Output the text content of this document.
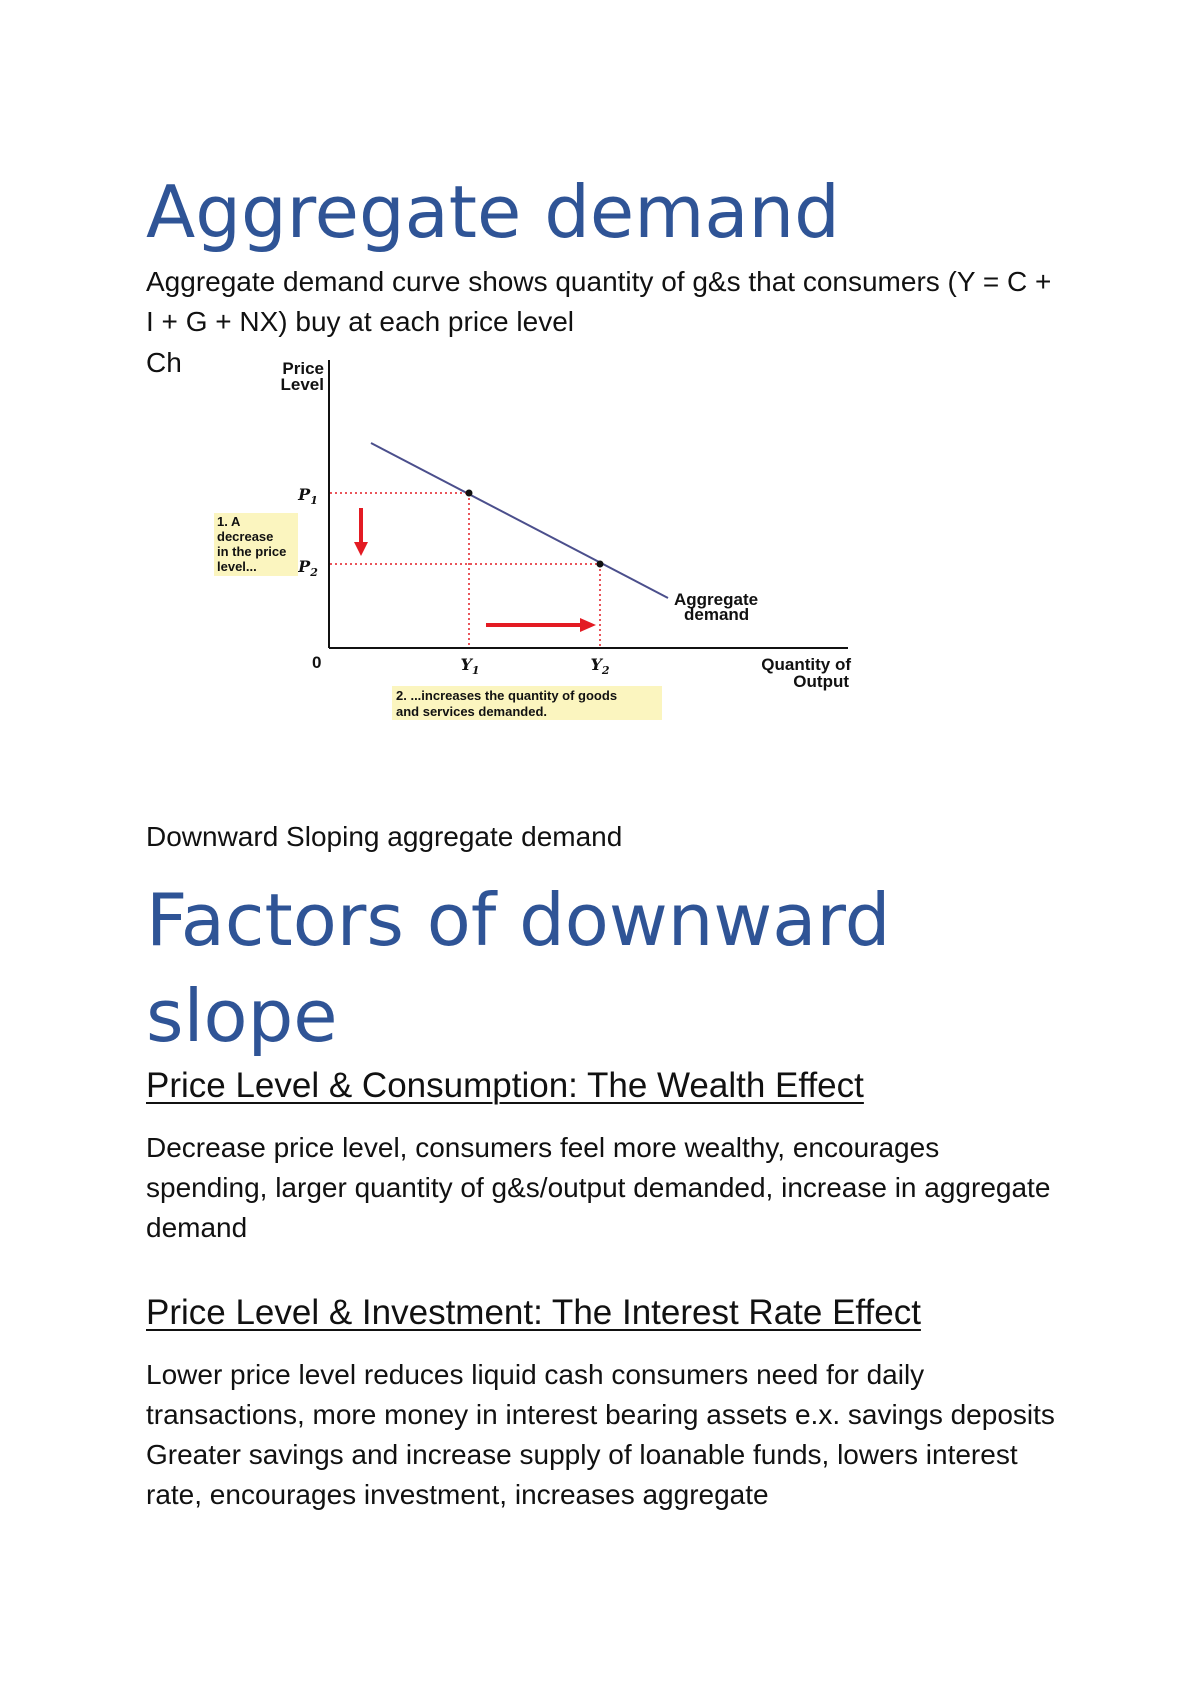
Aggregate demand

Aggregate demand curve shows quantity of g&s that consumers (Y = C + I + G + NX) buy at each price level

Ch	Price
Level
Quantity of
Output
0
$P_1$
$P_2$
$Y_1$	$Y_2$
1. A
decrease
in the price
level...
2. ...increases the quantity of goods
and services demanded.
Aggregate
demand

Downward Sloping aggregate demand

Factors of downward slope
Price Level & Consumption: The Wealth Effect

Decrease price level, consumers feel more wealthy, encourages spending, larger quantity of g&s/output demanded, increase in aggregate demand

Price Level & Investment: The Interest Rate Effect
Lower price level reduces liquid cash consumers need for daily transactions, more money in interest bearing assets e.x. savings deposits
Greater savings and increase supply of loanable funds, lowers interest rate, encourages investment, increases aggregate
